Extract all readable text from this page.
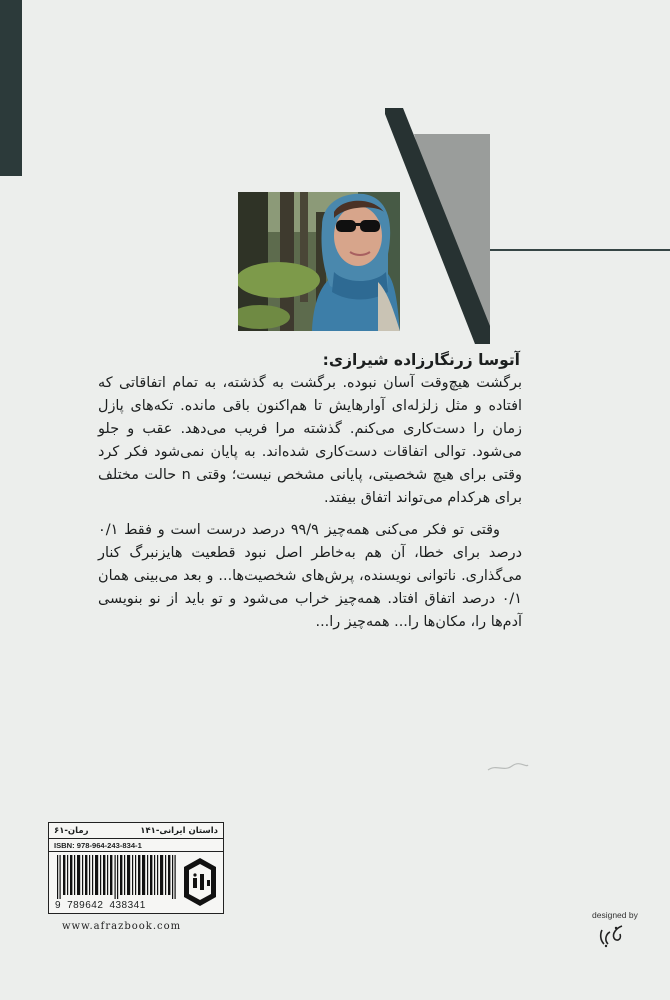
آتوسا زرنگارزاده شیرازی:

برگشت هیچ‌وقت آسان نبوده. برگشت به گذشته، به تمام اتفاقاتی که افتاده و مثل زلزله‌ای آوارهایش تا هم‌اکنون باقی مانده. تکه‌های پازل زمان را دست‌کاری می‌کنم. گذشته مرا فریب می‌دهد. عقب و جلو می‌شود. توالی اتفاقات دست‌کاری شده‌اند. به پایان نمی‌شود فکر کرد وقتی برای هیچ شخصیتی، پایانی مشخص نیست؛ وقتی n حالت مختلف برای هرکدام می‌تواند اتفاق بیفتد.

وقتی تو فکر می‌کنی همه‌چیز ۹۹/۹ درصد درست است و فقط ۰/۱ درصد برای خطا، آن هم به‌خاطر اصل نبود قطعیت هایزنبرگ کنار می‌گذاری. ناتوانی نویسنده، پرش‌های شخصیت‌ها... و بعد می‌بینی همان ۰/۱ درصد اتفاق افتاد. همه‌چیز خراب می‌شود و تو باید از نو بنویسی آدم‌ها را، مکان‌ها را... همه‌چیز را...

داستان ایرانی-۱۴۱
رمان-۶۱
ISBN: 978-964-243-834-1
9 789642 438341
www.afrazbook.com
designed by
